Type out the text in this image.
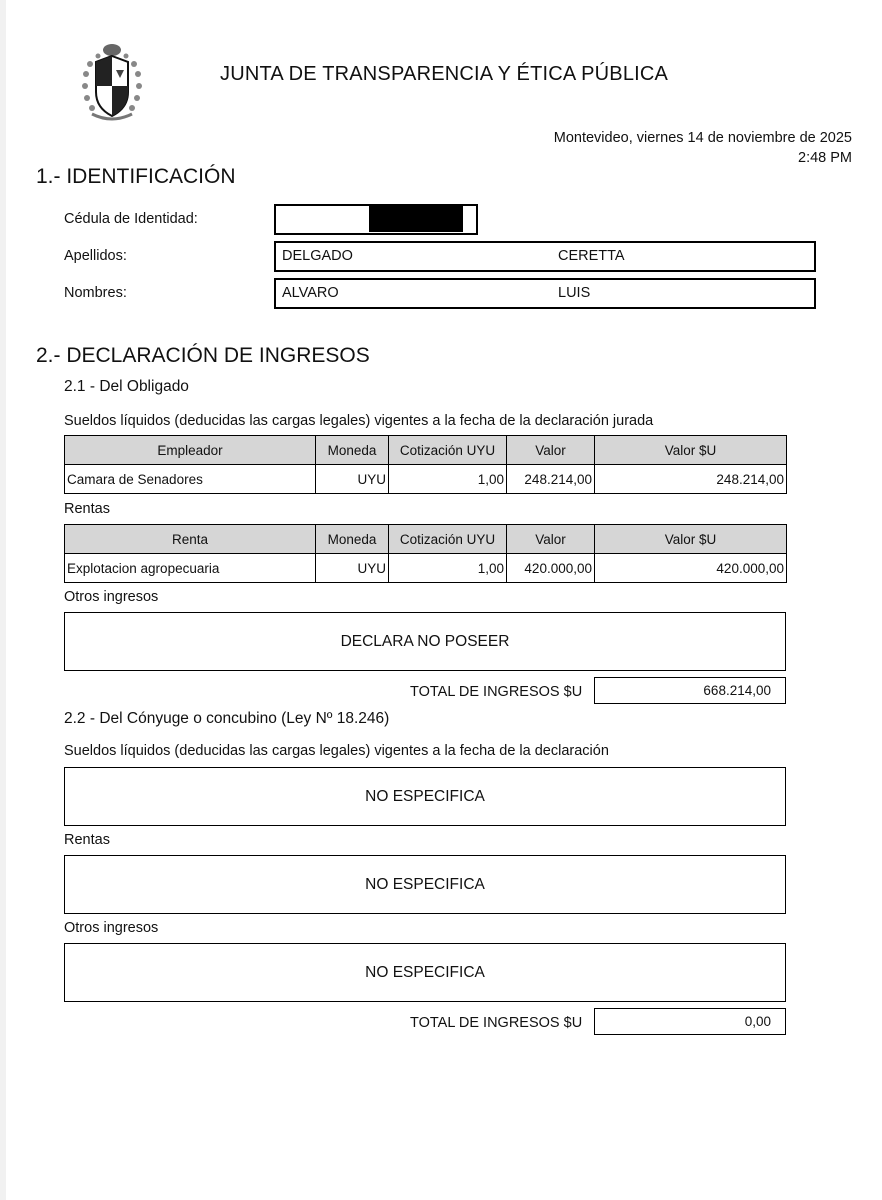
JUNTA DE TRANSPARENCIA Y ÉTICA PÚBLICA
Montevideo, viernes 14 de noviembre de 2025
2:48 PM
1.- IDENTIFICACIÓN
Cédula de Identidad:
Apellidos:	DELGADO	CERETTA
Nombres:	ALVARO	LUIS
2.- DECLARACIÓN DE INGRESOS
2.1 - Del Obligado
Sueldos líquidos (deducidas las cargas legales) vigentes a la fecha de la declaración jurada
Empleador	Moneda	Cotización UYU	Valor	Valor $U
Camara de Senadores	UYU	1,00	248.214,00	248.214,00
Rentas
Renta	Moneda	Cotización UYU	Valor	Valor $U
Explotacion agropecuaria	UYU	1,00	420.000,00	420.000,00
Otros ingresos
DECLARA NO POSEER
TOTAL DE INGRESOS $U	668.214,00
2.2 - Del Cónyuge o concubino (Ley Nº 18.246)
Sueldos líquidos (deducidas las cargas legales) vigentes a la fecha de la declaración
NO ESPECIFICA
Rentas
NO ESPECIFICA
Otros ingresos
NO ESPECIFICA
TOTAL DE INGRESOS $U	0,00
